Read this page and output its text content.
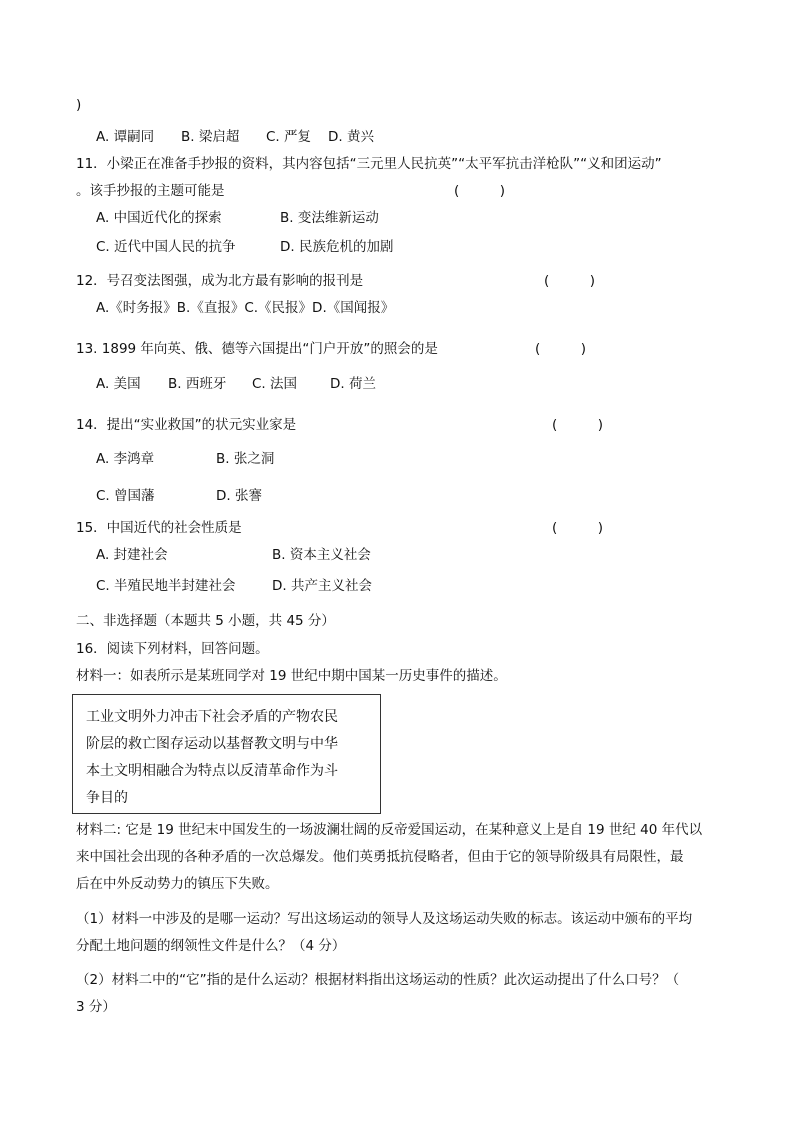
)
A. 谭嗣同 B. 梁启超 C. 严复 D. 黄兴
11．小梁正在准备手抄报的资料，其内容包括“三元里人民抗英”“太平军抗击洋枪队”“义和团运动”
。该手抄报的主题可能是	(　　　)
A. 中国近代化的探索	B. 变法维新运动
C. 近代中国人民的抗争	D. 民族危机的加剧
12．号召变法图强，成为北方最有影响的报刊是	(　　　)
A.《时务报》B.《直报》C.《民报》D.《国闻报》
13. 1899 年向英、俄、德等六国提出“门户开放”的照会的是	(　　　)
A. 美国 B. 西班牙 C. 法国 D. 荷兰
14．提出“实业救国”的状元实业家是	(　　　)
A. 李鸿章	B. 张之洞
C. 曾国藩	D. 张謇
15．中国近代的社会性质是	(　　　)
A. 封建社会	B. 资本主义社会
C. 半殖民地半封建社会	D. 共产主义社会
二、非选择题（本题共 5 小题，共 45 分）
16．阅读下列材料，回答问题。
材料一：如表所示是某班同学对 19 世纪中期中国某一历史事件的描述。
工业文明外力冲击下社会矛盾的产物农民
阶层的救亡图存运动以基督教文明与中华
本土文明相融合为特点以反清革命作为斗
争目的
材料二: 它是 19 世纪末中国发生的一场波澜壮阔的反帝爱国运动，在某种意义上是自 19 世纪 40 年代以
来中国社会出现的各种矛盾的一次总爆发。他们英勇抵抗侵略者，但由于它的领导阶级具有局限性，最
后在中外反动势力的镇压下失败。
（1）材料一中涉及的是哪一运动？写出这场运动的领导人及这场运动失败的标志。该运动中颁布的平均
分配土地问题的纲领性文件是什么？（4 分）
（2）材料二中的“它”指的是什么运动？根据材料指出这场运动的性质？此次运动提出了什么口号？（
3 分）
